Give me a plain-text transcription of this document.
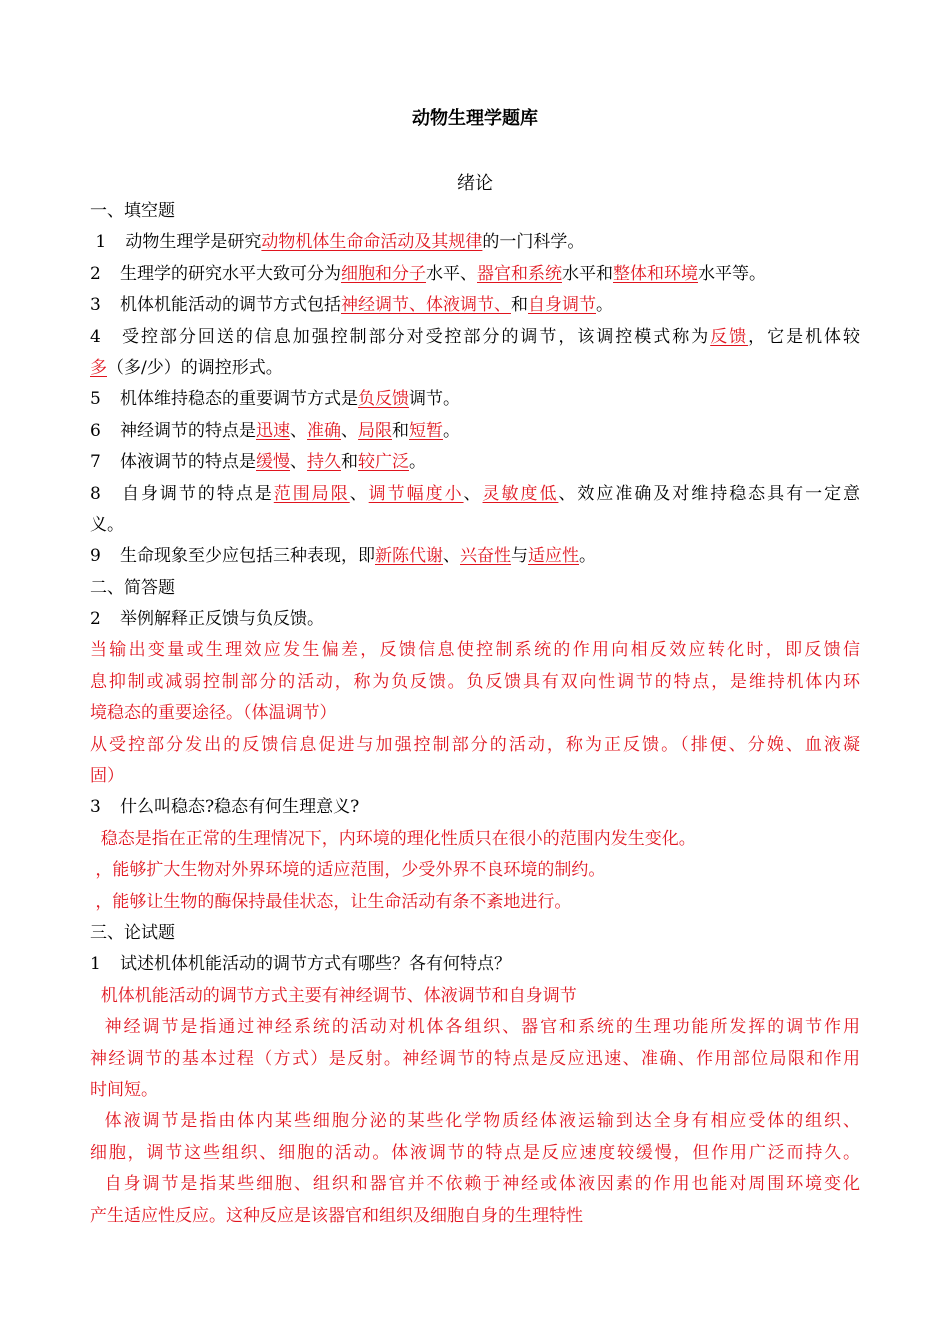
动物生理学题库
绪论
一、填空题
1 动物生理学是研究动物机体生命命活动及其规律的一门科学。
2 生理学的研究水平大致可分为细胞和分子水平、器官和系统水平和整体和环境水平等。
3 机体机能活动的调节方式包括神经调节、体液调节、和自身调节。
4 受控部分回送的信息加强控制部分对受控部分的调节，该调控模式称为反馈，它是机体较
多（多/少）的调控形式。
5 机体维持稳态的重要调节方式是负反馈调节。
6 神经调节的特点是迅速、准确、局限和短暂。
7 体液调节的特点是缓慢、持久和较广泛。
8 自身调节的特点是范围局限、调节幅度小、灵敏度低、效应准确及对维持稳态具有一定意
义。
9 生命现象至少应包括三种表现，即新陈代谢、兴奋性与适应性。
二、简答题
2 举例解释正反馈与负反馈。
当输出变量或生理效应发生偏差，反馈信息使控制系统的作用向相反效应转化时，即反馈信
息抑制或减弱控制部分的活动，称为负反馈。负反馈具有双向性调节的特点，是维持机体内环
境稳态的重要途径。（体温调节）
从受控部分发出的反馈信息促进与加强控制部分的活动，称为正反馈。（排便、分娩、血液凝
固）
3 什么叫稳态?稳态有何生理意义?
稳态是指在正常的生理情况下，内环境的理化性质只在很小的范围内发生变化。
，能够扩大生物对外界环境的适应范围，少受外界不良环境的制约。
，能够让生物的酶保持最佳状态，让生命活动有条不紊地进行。
三、论试题
1 试述机体机能活动的调节方式有哪些？各有何特点？
机体机能活动的调节方式主要有神经调节、体液调节和自身调节
神经调节是指通过神经系统的活动对机体各组织、器官和系统的生理功能所发挥的调节作用
神经调节的基本过程（方式）是反射。神经调节的特点是反应迅速、准确、作用部位局限和作用
时间短。
体液调节是指由体内某些细胞分泌的某些化学物质经体液运输到达全身有相应受体的组织、
细胞，调节这些组织、细胞的活动。体液调节的特点是反应速度较缓慢，但作用广泛而持久。
自身调节是指某些细胞、组织和器官并不依赖于神经或体液因素的作用也能对周围环境变化
产生适应性反应。这种反应是该器官和组织及细胞自身的生理特性
